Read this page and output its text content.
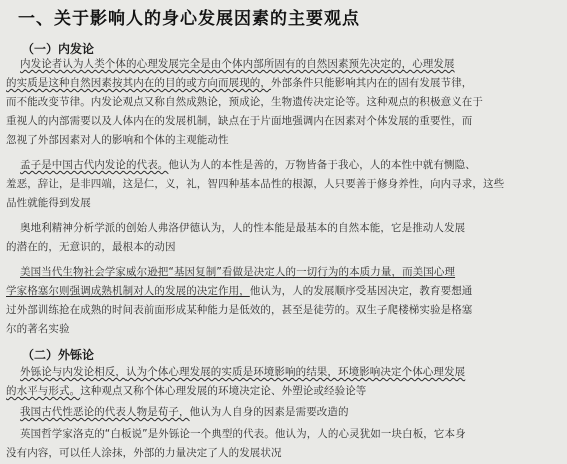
一、关于影响人的身心发展因素的主要观点
（一）内发论
内发论者认为人类个体的心理发展完全是由个体内部所固有的自然因素预先决定的，心理发展
的实质是这种自然因素按其内在的目的或方向而展现的，外部条件只能影响其内在的固有发展节律，
而不能改变节律。内发论观点又称自然成熟论，预成论，生物遗传决定论等。这种观点的积极意义在于
重视人的内部需要以及人体内在的发展机制，缺点在于片面地强调内在因素对个体发展的重要性，而
忽视了外部因素对人的影响和个体的主观能动性
孟子是中国古代内发论的代表。他认为人的本性是善的，万物皆备于我心，人的本性中就有恻隐、
羞恶，辞让，是非四端，这是仁，义，礼，智四种基本品性的根源，人只要善于修身养性，向内寻求，这些
品性就能得到发展
奥地利精神分析学派的创始人弗洛伊德认为，人的性本能是最基本的自然本能，它是推动人发展
的潜在的，无意识的，最根本的动因
美国当代生物社会学家威尔逊把“基因复制”看做是决定人的一切行为的本质力量，而美国心理
学家格塞尔则强调成熟机制对人的发展的决定作用，他认为，人的发展顺序受基因决定，教育要想通
过外部训练抢在成熟的时间表前面形成某种能力是低效的，甚至是徒劳的。双生子爬楼梯实验是格塞
尔的著名实验
（二）外铄论
外铄论与内发论相反，认为个体心理发展的实质是环境影响的结果，环境影响决定个体心理发展
的水平与形式。这种观点又称个体心理发展的环境决定论、外塑论或经验论等
我国古代性恶论的代表人物是荀子，他认为人自身的因素是需要改造的
英国哲学家洛克的“白板说”是外铄论一个典型的代表。他认为，人的心灵犹如一块白板，它本身
没有内容，可以任人涂抹，外部的力量决定了人的发展状况
